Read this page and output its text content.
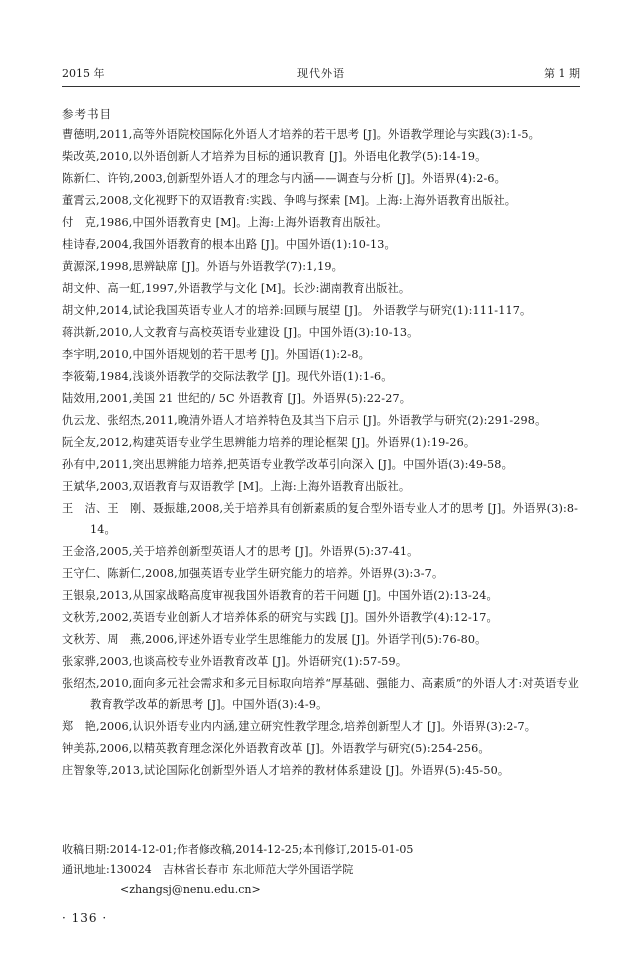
2015 年	现代外语	第 1 期
参考书目
曹德明,2011,高等外语院校国际化外语人才培养的若干思考 [J]。外语教学理论与实践(3):1-5。
柴改英,2010,以外语创新人才培养为目标的通识教育 [J]。外语电化教学(5):14-19。
陈新仁、许钧,2003,创新型外语人才的理念与内涵——调查与分析 [J]。外语界(4):2-6。
董霄云,2008,文化视野下的双语教育:实践、争鸣与探索 [M]。上海:上海外语教育出版社。
付　克,1986,中国外语教育史 [M]。上海:上海外语教育出版社。
桂诗春,2004,我国外语教育的根本出路 [J]。中国外语(1):10-13。
黄源深,1998,思辨缺席 [J]。外语与外语教学(7):1,19。
胡文仲、高一虹,1997,外语教学与文化 [M]。长沙:湖南教育出版社。
胡文仲,2014,试论我国英语专业人才的培养:回顾与展望 [J]。 外语教学与研究(1):111-117。
蒋洪新,2010,人文教育与高校英语专业建设 [J]。中国外语(3):10-13。
李宇明,2010,中国外语规划的若干思考 [J]。外国语(1):2-8。
李筱菊,1984,浅谈外语教学的交际法教学 [J]。现代外语(1):1-6。
陆效用,2001,美国 21 世纪的/ 5C 外语教育 [J]。外语界(5):22-27。
仇云龙、张绍杰,2011,晚清外语人才培养特色及其当下启示 [J]。外语教学与研究(2):291-298。
阮全友,2012,构建英语专业学生思辨能力培养的理论框架 [J]。外语界(1):19-26。
孙有中,2011,突出思辨能力培养,把英语专业教学改革引向深入 [J]。中国外语(3):49-58。
王斌华,2003,双语教育与双语教学 [M]。上海:上海外语教育出版社。
王　洁、王　刚、聂振雄,2008,关于培养具有创新素质的复合型外语专业人才的思考 [J]。外语界(3):8-14。
王金洛,2005,关于培养创新型英语人才的思考 [J]。外语界(5):37-41。
王守仁、陈新仁,2008,加强英语专业学生研究能力的培养。外语界(3):3-7。
王银泉,2013,从国家战略高度审视我国外语教育的若干问题 [J]。中国外语(2):13-24。
文秋芳,2002,英语专业创新人才培养体系的研究与实践 [J]。国外外语教学(4):12-17。
文秋芳、周　燕,2006,评述外语专业学生思维能力的发展 [J]。外语学刊(5):76-80。
张家骅,2003,也谈高校专业外语教育改革 [J]。外语研究(1):57-59。
张绍杰,2010,面向多元社会需求和多元目标取向培养“厚基础、强能力、高素质”的外语人才:对英语专业教育教学改革的新思考 [J]。中国外语(3):4-9。
郑　艳,2006,认识外语专业内内涵,建立研究性教学理念,培养创新型人才 [J]。外语界(3):2-7。
钟美荪,2006,以精英教育理念深化外语教育改革 [J]。外语教学与研究(5):254-256。
庄智象等,2013,试论国际化创新型外语人才培养的教材体系建设 [J]。外语界(5):45-50。
收稿日期:2014-12-01;作者修改稿,2014-12-25;本刊修订,2015-01-05
通讯地址:130024　吉林省长春市 东北师范大学外国语学院
<zhangsj@nenu.edu.cn>
· 136 ·
